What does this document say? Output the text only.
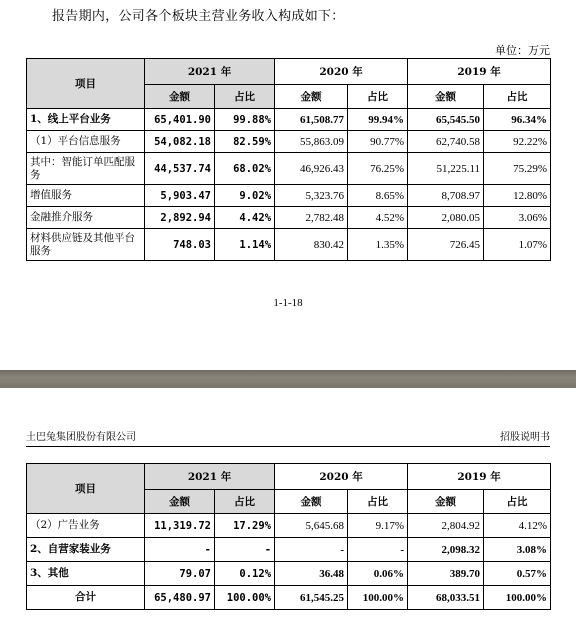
报告期内，公司各个板块主营业务收入构成如下：
单位：万元
项目	2021 年		2020 年		2019 年	
	金额	占比	金额	占比	金额	占比
1、线上平台业务	65,401.90	99.88%	61,508.77	99.94%	65,545.50	96.34%
（1）平台信息服务	54,082.18	82.59%	55,863.09	90.77%	62,740.58	92.22%
其中：智能订单匹配服务	44,537.74	68.02%	46,926.43	76.25%	51,225.11	75.29%
增值服务	5,903.47	9.02%	5,323.76	8.65%	8,708.97	12.80%
金融推介服务	2,892.94	4.42%	2,782.48	4.52%	2,080.05	3.06%
材料供应链及其他平台服务	748.03	1.14%	830.42	1.35%	726.45	1.07%
1-1-18
土巴兔集团股份有限公司	招股说明书
项目	2021 年		2020 年		2019 年	
	金额	占比	金额	占比	金额	占比
（2）广告业务	11,319.72	17.29%	5,645.68	9.17%	2,804.92	4.12%
2、自营家装业务	-	-	-	-	2,098.32	3.08%
3、其他	79.07	0.12%	36.48	0.06%	389.70	0.57%
合计	65,480.97	100.00%	61,545.25	100.00%	68,033.51	100.00%
